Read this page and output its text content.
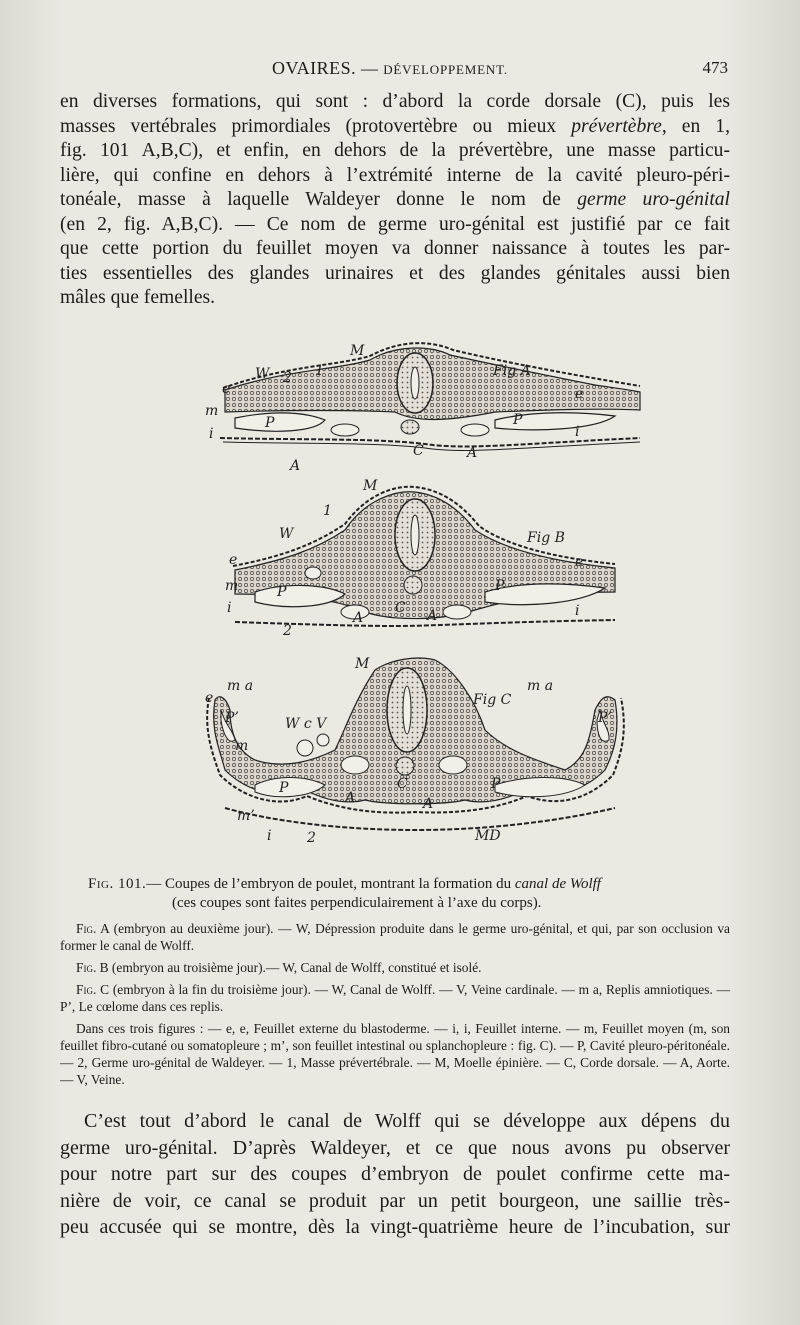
OVAIRES. — DÉVELOPPEMENT.	473
en diverses formations, qui sont : d’abord la corde dorsale (C), puis les
masses vertébrales primordiales (protovertèbre ou mieux prévertèbre, en 1,
fig. 101 A,B,C), et enfin, en dehors de la prévertèbre, une masse particu-
lière, qui confine en dehors à l’extrémité interne de la cavité pleuro-péri-
tonéale, masse à laquelle Waldeyer donne le nom de germe uro-génital
(en 2, fig. A,B,C). — Ce nom de germe uro-génital est justifié par ce fait
que cette portion du feuillet moyen va donner naissance à toutes les par-
ties essentielles des glandes urinaires et des glandes génitales aussi bien
mâles que femelles.
M
W 2 1
e
m
i
P
A
C	A
P
e
i
Fig A
M
1
W
e
m
i
P
2
A
C A
P
e
i
Fig B
M
m a
e
P’	W c V
m
P
m’
i	2
A
C
A
P
MD
Fig C
m a
P’
Fig. 101.— Coupes de l’embryon de poulet, montrant la formation du canal de Wolff
(ces coupes sont faites perpendiculairement à l’axe du corps).

Fig. A (embryon au deuxième jour). — W, Dépression produite dans le germe uro-génital, et qui, par son occlusion va former le canal de Wolff.

Fig. B (embryon au troisième jour).— W, Canal de Wolff, constitué et isolé.

Fig. C (embryon à la fin du troisième jour). — W, Canal de Wolff. — V, Veine cardinale. — m a, Replis amniotiques. — P’, Le cœlome dans ces replis.

Dans ces trois figures : — e, e, Feuillet externe du blastoderme. — i, i, Feuillet interne. — m, Feuillet moyen (m, son feuillet fibro-cutané ou somatopleure ; m’, son feuillet intestinal ou splanchopleure : fig. C). — P, Cavité pleuro-péritonéale. — 2, Germe uro-génital de Waldeyer. — 1, Masse prévertébrale. — M, Moelle épinière. — C, Corde dorsale. — A, Aorte. — V, Veine.

C’est tout d’abord le canal de Wolff qui se développe aux dépens du
germe uro-génital. D’après Waldeyer, et ce que nous avons pu observer
pour notre part sur des coupes d’embryon de poulet confirme cette ma-
nière de voir, ce canal se produit par un petit bourgeon, une saillie très-
peu accusée qui se montre, dès la vingt-quatrième heure de l’incubation, sur
